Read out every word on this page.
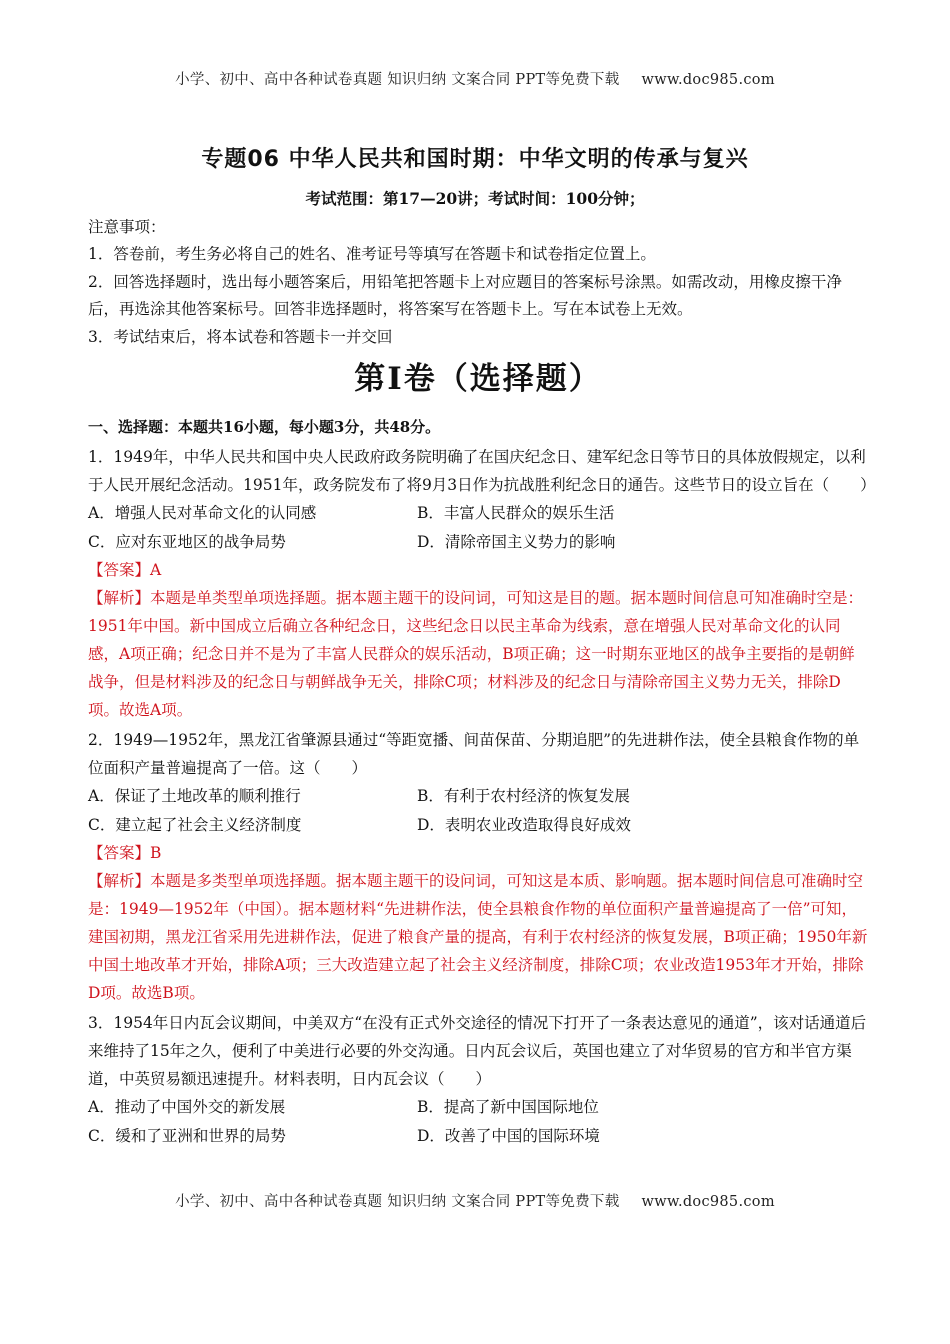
小学、初中、高中各种试卷真题 知识归纳 文案合同 PPT等免费下载 www.doc985.com
专题06 中华人民共和国时期：中华文明的传承与复兴
考试范围：第17—20讲；考试时间：100分钟；
注意事项：
1．答卷前，考生务必将自己的姓名、准考证号等填写在答题卡和试卷指定位置上。
2．回答选择题时，选出每小题答案后，用铅笔把答题卡上对应题目的答案标号涂黑。如需改动，用橡皮擦干净后，再选涂其他答案标号。回答非选择题时，将答案写在答题卡上。写在本试卷上无效。
3．考试结束后，将本试卷和答题卡一并交回
第I卷（选择题）
一、选择题：本题共16小题，每小题3分，共48分。
1．1949年，中华人民共和国中央人民政府政务院明确了在国庆纪念日、建军纪念日等节日的具体放假规定，以利于人民开展纪念活动。1951年，政务院发布了将9月3日作为抗战胜利纪念日的通告。这些节日的设立旨在（　　）
A．增强人民对革命文化的认同感	B．丰富人民群众的娱乐生活
C．应对东亚地区的战争局势	D．清除帝国主义势力的影响
【答案】A
【解析】本题是单类型单项选择题。据本题主题干的设问词，可知这是目的题。据本题时间信息可知准确时空是：1951年中国。新中国成立后确立各种纪念日，这些纪念日以民主革命为线索，意在增强人民对革命文化的认同感，A项正确；纪念日并不是为了丰富人民群众的娱乐活动，B项正确；这一时期东亚地区的战争主要指的是朝鲜战争，但是材料涉及的纪念日与朝鲜战争无关，排除C项；材料涉及的纪念日与清除帝国主义势力无关，排除D项。故选A项。
2．1949—1952年，黑龙江省肇源县通过“等距宽播、间苗保苗、分期追肥”的先进耕作法，使全县粮食作物的单位面积产量普遍提高了一倍。这（　　）
A．保证了土地改革的顺利推行	B．有利于农村经济的恢复发展
C．建立起了社会主义经济制度	D．表明农业改造取得良好成效
【答案】B
【解析】本题是多类型单项选择题。据本题主题干的设问词，可知这是本质、影响题。据本题时间信息可准确时空是：1949—1952年（中国）。据本题材料“先进耕作法，使全县粮食作物的单位面积产量普遍提高了一倍”可知，建国初期，黑龙江省采用先进耕作法，促进了粮食产量的提高，有利于农村经济的恢复发展，B项正确；1950年新中国土地改革才开始，排除A项；三大改造建立起了社会主义经济制度，排除C项；农业改造1953年才开始，排除D项。故选B项。
3．1954年日内瓦会议期间，中美双方“在没有正式外交途径的情况下打开了一条表达意见的通道”，该对话通道后来维持了15年之久，便利了中美进行必要的外交沟通。日内瓦会议后，英国也建立了对华贸易的官方和半官方渠道，中英贸易额迅速提升。材料表明，日内瓦会议（　　）
A．推动了中国外交的新发展	B．提高了新中国国际地位
C．缓和了亚洲和世界的局势	D．改善了中国的国际环境
小学、初中、高中各种试卷真题 知识归纳 文案合同 PPT等免费下载 www.doc985.com
